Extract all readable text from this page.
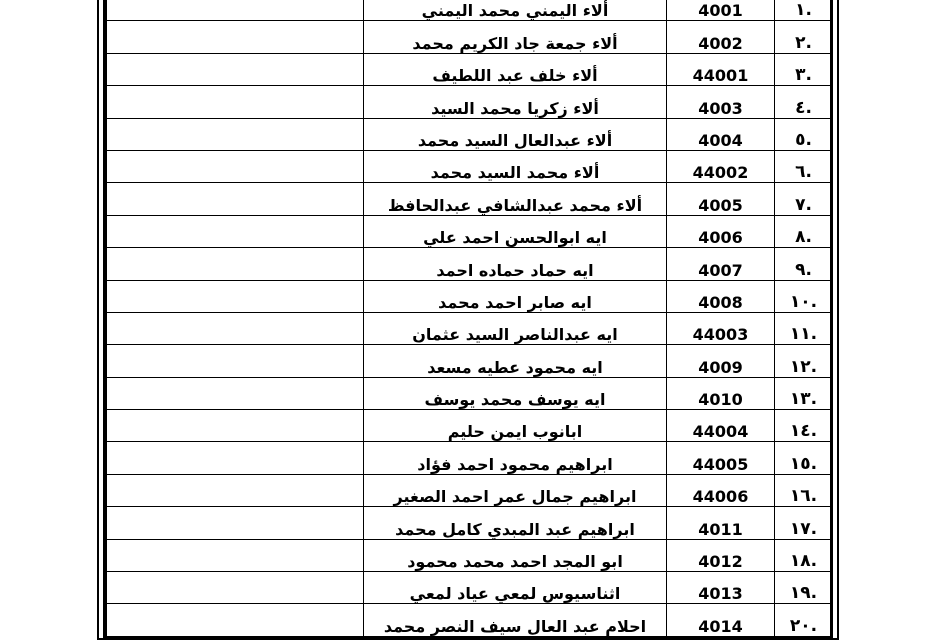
.١	4001	ألاء اليمني محمد اليمني	
.٢	4002	ألاء جمعة جاد الكريم محمد	
.٣	44001	ألاء خلف عبد اللطيف	
.٤	4003	ألاء زكريا محمد السيد	
.٥	4004	ألاء عبدالعال السيد محمد	
.٦	44002	ألاء محمد السيد محمد	
.٧	4005	ألاء محمد عبدالشافي عبدالحافظ	
.٨	4006	ايه ابوالحسن احمد علي	
.٩	4007	ايه حماد حماده احمد	
.١٠	4008	ايه صابر احمد محمد	
.١١	44003	ايه عبدالناصر السيد عثمان	
.١٢	4009	ايه محمود عطيه مسعد	
.١٣	4010	ايه يوسف محمد يوسف	
.١٤	44004	ابانوب ايمن حليم	
.١٥	44005	ابراهيم محمود احمد فؤاد	
.١٦	44006	ابراهيم جمال عمر احمد الصغير	
.١٧	4011	ابراهيم عبد المبدي كامل محمد	
.١٨	4012	ابو المجد احمد محمد محمود	
.١٩	4013	اثناسيوس لمعي عياد لمعي	
.٢٠	4014	احلام عبد العال سيف النصر محمد	
